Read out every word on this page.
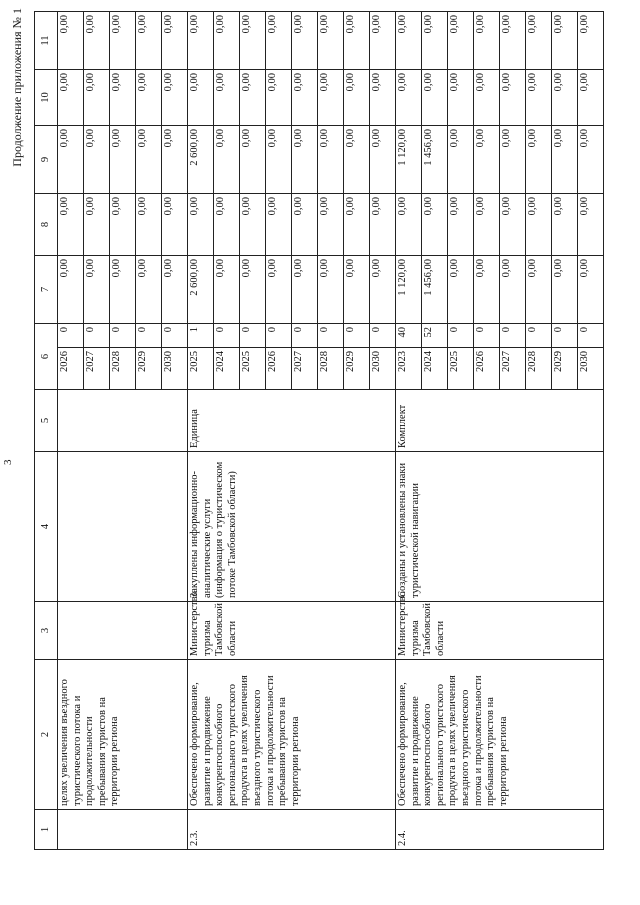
3
Продолжение приложения № 1
1	2	3	4	5	6		7	8	9	10	11
	целях увеличения въездного туристического потока и продолжительности пребывания туристов на территории региона				2026	0	0,00	0,00	0,00	0,00	0,00
					2027	0	0,00	0,00	0,00	0,00	0,00
					2028	0	0,00	0,00	0,00	0,00	0,00
					2029	0	0,00	0,00	0,00	0,00	0,00
					2030	0	0,00	0,00	0,00	0,00	0,00
2.3.	Обеспечено формирование, развитие и продвижение конкурентоспособного регионального туристского продукта в целях увеличения въездного туристического потока и продолжительности пребывания туристов на территории региона	Министерство туризма Тамбовской области	Закуплены информационно-аналитические услуги (информация о туристическом потоке Тамбовской области)	Единица	2025	1	2 600,00	0,00	2 600,00	0,00	0,00
					2024	0	0,00	0,00	0,00	0,00	0,00
					2025	0	0,00	0,00	0,00	0,00	0,00
					2026	0	0,00	0,00	0,00	0,00	0,00
					2027	0	0,00	0,00	0,00	0,00	0,00
					2028	0	0,00	0,00	0,00	0,00	0,00
					2029	0	0,00	0,00	0,00	0,00	0,00
					2030	0	0,00	0,00	0,00	0,00	0,00
2.4.	Обеспечено формирование, развитие и продвижение конкурентоспособного регионального туристского продукта в целях увеличения въездного туристического потока и продолжительности пребывания туристов на территории региона	Министерство туризма Тамбовской области	Созданы и установлены знаки туристической навигации	Комплект	2023	40	1 120,00	0,00	1 120,00	0,00	0,00
					2024	52	1 456,00	0,00	1 456,00	0,00	0,00
					2025	0	0,00	0,00	0,00	0,00	0,00
					2026	0	0,00	0,00	0,00	0,00	0,00
					2027	0	0,00	0,00	0,00	0,00	0,00
					2028	0	0,00	0,00	0,00	0,00	0,00
					2029	0	0,00	0,00	0,00	0,00	0,00
					2030	0	0,00	0,00	0,00	0,00	0,00
